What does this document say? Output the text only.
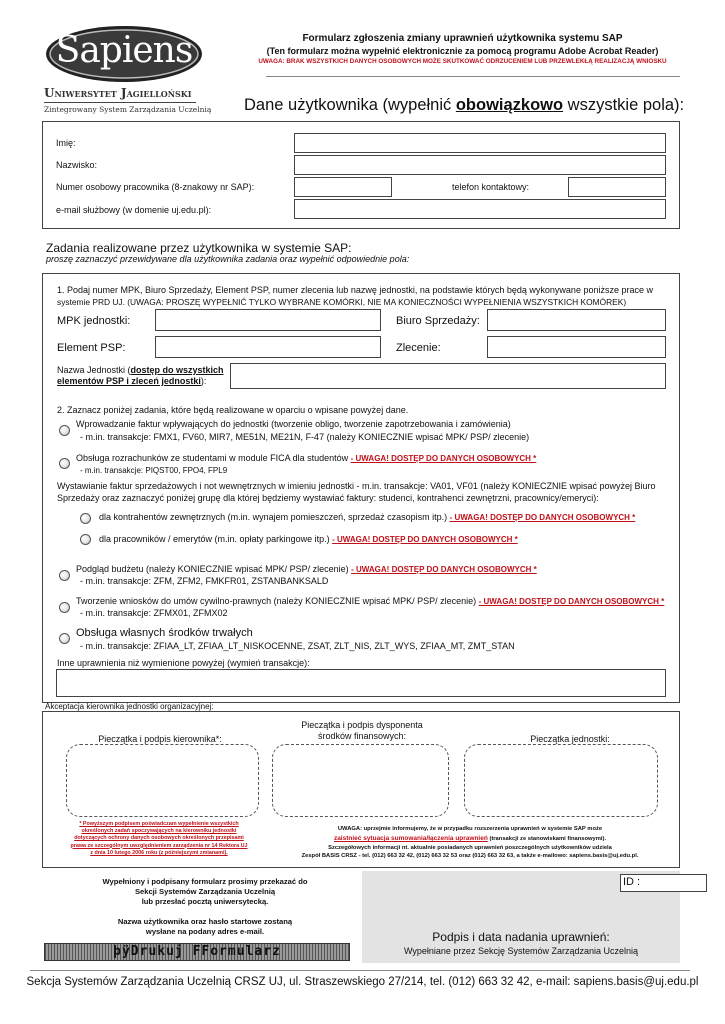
Sapiens
Uniwersytet Jagielloński
Zintegrowany System Zarządzania Uczelnią
Formularz zgłoszenia zmiany uprawnień użytkownika systemu SAP
(Ten formularz można wypełnić elektronicznie za pomocą programu Adobe Acrobat Reader)
UWAGA: BRAK WSZYSTKICH DANYCH OSOBOWYCH MOŻE SKUTKOWAĆ ODRZUCENIEM LUB PRZEWLEKŁĄ REALIZACJĄ WNIOSKU
Dane użytkownika (wypełnić obowiązkowo wszystkie pola):
Imię:
Nazwisko:
Numer osobowy pracownika (8-znakowy nr SAP):	telefon kontaktowy:
e-mail służbowy (w domenie uj.edu.pl):
Zadania realizowane przez użytkownika w systemie SAP:
proszę zaznaczyć przewidywane dla użytkownika zadania oraz wypełnić odpowiednie pola:
1. Podaj numer MPK, Biuro Sprzedaży, Element PSP, numer zlecenia lub nazwę jednostki, na podstawie których będą wykonywane poniższe prace w
systemie PRD UJ. (UWAGA: PROSZĘ WYPEŁNIĆ TYLKO WYBRANE KOMÓRKI, NIE MA KONIECZNOŚCI WYPEŁNIENIA WSZYSTKICH KOMÓREK)
MPK jednostki:	Biuro Sprzedaży:
Element PSP:	Zlecenie:
Nazwa Jednostki (dostęp do wszystkich
elementów PSP i zleceń jednostki):
2. Zaznacz poniżej zadania, które będą realizowane w oparciu o wpisane powyżej dane.
Wprowadzanie faktur wpływających do jednostki (tworzenie obligo, tworzenie zapotrzebowania i zamówienia)
- m.in. transakcje: FMX1, FV60, MIR7, ME51N, ME21N, F-47 (należy KONIECZNIE wpisać MPK/ PSP/ zlecenie)
Obsługa rozrachunków ze studentami w module FICA dla studentów - UWAGA! DOSTĘP DO DANYCH OSOBOWYCH *
- m.in. transakcje: PIQST00, FPO4, FPL9
Wystawianie faktur sprzedażowych i not wewnętrznych w imieniu jednostki - m.in. transakcje: VA01, VF01 (należy KONIECZNIE wpisać powyżej Biuro
Sprzedaży oraz zaznaczyć poniżej grupę dla której będziemy wystawiać faktury: studenci, kontrahenci zewnętrzni, pracownicy/emeryci):
dla kontrahentów zewnętrznych (m.in. wynajem pomieszczeń, sprzedaż czasopism itp.) - UWAGA! DOSTĘP DO DANYCH OSOBOWYCH *
dla pracowników / emerytów (m.in. opłaty parkingowe itp.) - UWAGA! DOSTĘP DO DANYCH OSOBOWYCH *
Podgląd budżetu (należy KONIECZNIE wpisać MPK/ PSP/ zlecenie) - UWAGA! DOSTĘP DO DANYCH OSOBOWYCH *
- m.in. transakcje: ZFM, ZFM2, FMKFR01, ZSTANBANKSALD
Tworzenie wniosków do umów cywilno-prawnych (należy KONIECZNIE wpisać MPK/ PSP/ zlecenie) - UWAGA! DOSTĘP DO DANYCH OSOBOWYCH *
- m.in. transakcje: ZFMX01, ZFMX02
Obsługa własnych środków trwałych
- m.in. transakcje: ZFIAA_LT, ZFIAA_LT_NISKOCENNE, ZSAT, ZLT_NIS, ZLT_WYS, ZFIAA_MT, ZMT_STAN
Inne uprawnienia niż wymienione powyżej (wymień transakcje):
Akceptacja kierownika jednostki organizacyjnej:
Pieczątka i podpis kierownika*:
Pieczątka i podpis dysponenta
środków finansowych:	Pieczątka jednostki:
* Powyższym podpisem poświadczam wypełnienie wszystkich
określonych zadań spoczywających na kierowniku jednostki
dotyczących ochrony danych osobowych określonych przepisami
prawa ze szczególnym uwzględnieniem zarządzenia nr 14 Rektora UJ
z dnia 10 lutego 2006 roku (z późniejszymi zmianami).
UWAGA: uprzejmie informujemy, że w przypadku rozszerzenia uprawnień w systemie SAP może
zaistnieć sytuacja sumowania/łączenia uprawnień (transakcji ze stanowiskami finansowymi).
Szczegółowych informacji nt. aktualnie posiadanych uprawnień poszczególnych użytkowników udziela
Zespół BASIS CRSZ - tel. (012) 663 32 42, (012) 663 32 53 oraz (012) 663 32 63, a także e-mailowo: sapiens.basis@uj.edu.pl.
Wypełniony i podpisany formularz prosimy przekazać do
Sekcji Systemów Zarządzania Uczelnią
lub przesłać pocztą uniwersytecką.
Nazwa użytkownika oraz hasło startowe zostaną
wysłane na podany adres e-mail.
þÿDrukuj FFormularz
ID :
Podpis i data nadania uprawnień:
Wypełniane przez Sekcję Systemów Zarządzania Uczelnią
Sekcja Systemów Zarządzania Uczelnią CRSZ UJ, ul. Straszewskiego 27/214, tel. (012) 663 32 42, e-mail: sapiens.basis@uj.edu.pl
